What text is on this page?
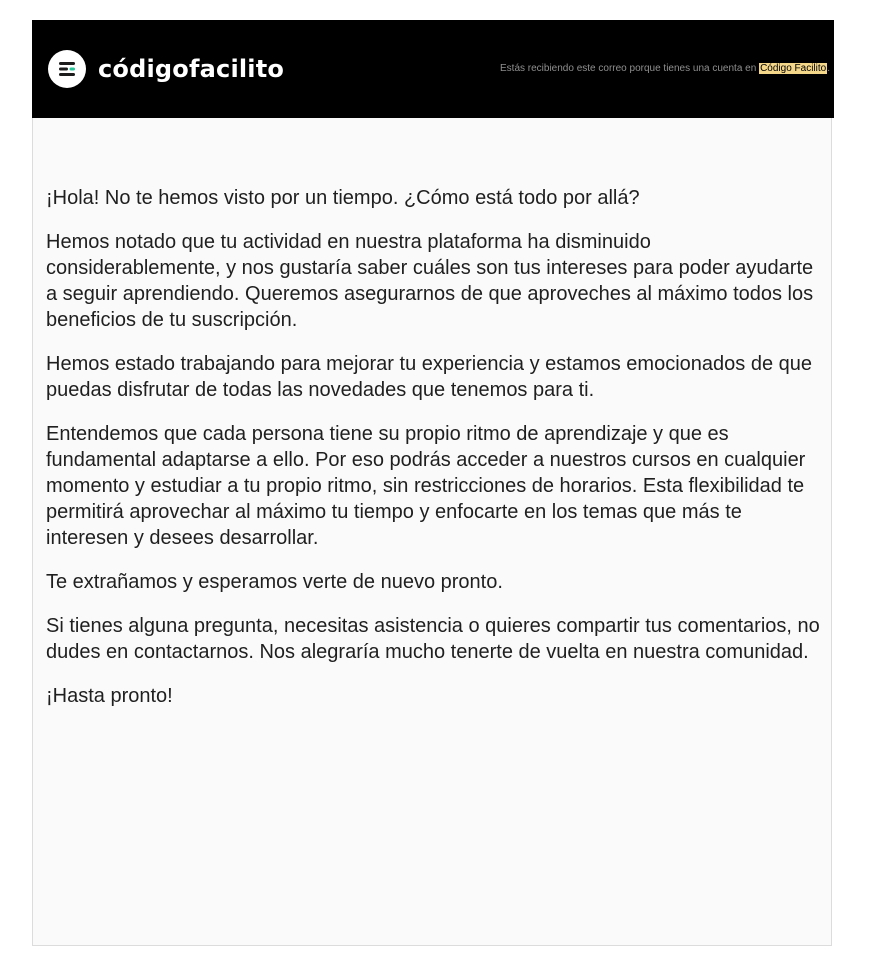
códigofacilito	Estás recibiendo este correo porque tienes una cuenta en Código Facilito.

¡Hola! No te hemos visto por un tiempo. ¿Cómo está todo por allá?

Hemos notado que tu actividad en nuestra plataforma ha disminuido considerablemente, y nos gustaría saber cuáles son tus intereses para poder ayudarte a seguir aprendiendo. Queremos asegurarnos de que aproveches al máximo todos los beneficios de tu suscripción.

Hemos estado trabajando para mejorar tu experiencia y estamos emocionados de que puedas disfrutar de todas las novedades que tenemos para ti.

Entendemos que cada persona tiene su propio ritmo de aprendizaje y que es fundamental adaptarse a ello. Por eso podrás acceder a nuestros cursos en cualquier momento y estudiar a tu propio ritmo, sin restricciones de horarios. Esta flexibilidad te permitirá aprovechar al máximo tu tiempo y enfocarte en los temas que más te interesen y desees desarrollar.

Te extrañamos y esperamos verte de nuevo pronto.

Si tienes alguna pregunta, necesitas asistencia o quieres compartir tus comentarios, no dudes en contactarnos. Nos alegraría mucho tenerte de vuelta en nuestra comunidad.

¡Hasta pronto!
